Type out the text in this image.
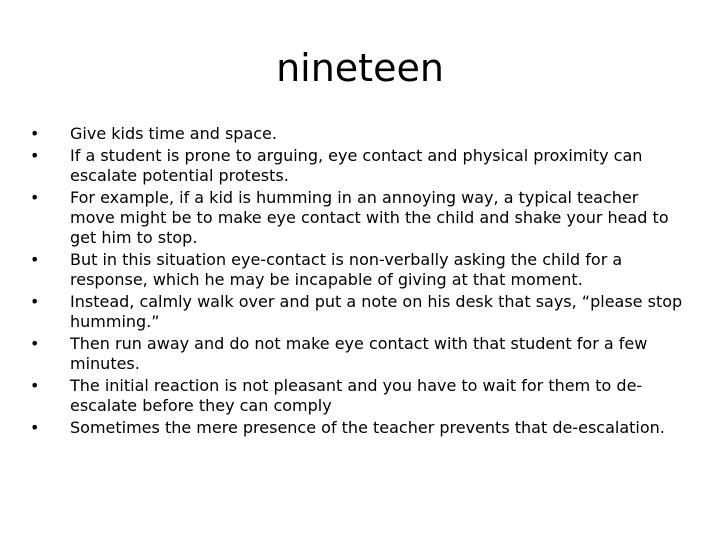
nineteen
•	Give kids time and space.
•	If a student is prone to arguing, eye contact and physical proximity can escalate potential protests.
•	For example, if a kid is humming in an annoying way, a typical teacher move might be to make eye contact with the child and shake your head to get him to stop.
•	But in this situation eye-contact is non-verbally asking the child for a response, which he may be incapable of giving at that moment.
•	Instead, calmly walk over and put a note on his desk that says, “please stop humming.”
•	Then run away and do not make eye contact with that student for a few minutes.
•	The initial reaction is not pleasant and you have to wait for them to de-escalate before they can comply
•	Sometimes the mere presence of the teacher prevents that de-escalation.
